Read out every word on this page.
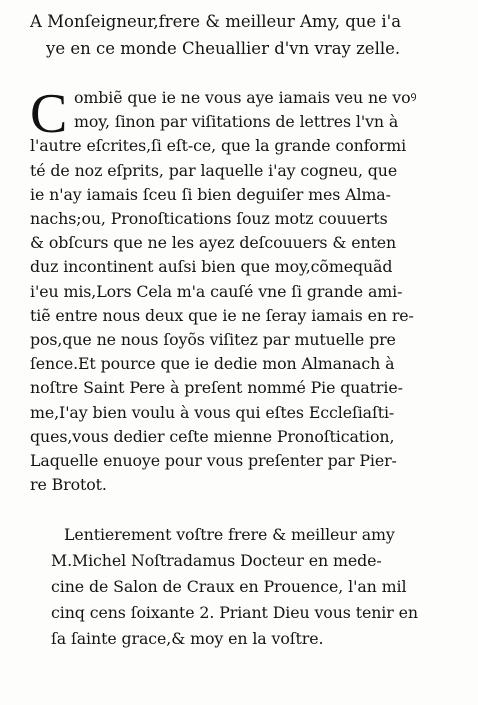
A Monſeigneur,frere & meilleur Amy, que i'a
ye en ce monde Cheuallier d'vn vray zelle.
C ombiẽ que ie ne vous aye iamais veu ne voꝰ
moy, ſinon par viſitations de lettres l'vn à
l'autre eſcrites,ſi eſt-ce, que la grande conformi
té de noz eſprits, par laquelle i'ay cogneu, que
ie n'ay iamais ſceu ſi bien deguiſer mes Alma-
nachs;ou, Pronoſtications ſouz motz couuerts
& obſcurs que ne les ayez deſcouuers & enten
duz incontinent auſsi bien que moy,cõmequãd
i'eu mis,Lors Cela m'a cauſé vne ſi grande ami-
tiẽ entre nous deux que ie ne ſeray iamais en re-
pos,que ne nous ſoyõs viſitez par mutuelle pre
ſence.Et pource que ie dedie mon Almanach à
noſtre Saint Pere à preſent nommé Pie quatrie-
me,I'ay bien voulu à vous qui eſtes Eccleſiaſti-
ques,vous dedier ceſte mienne Pronoſtication,
Laquelle enuoye pour vous preſenter par Pier-
re Brotot.
Lentierement voſtre frere & meilleur amy
M.Michel Noſtradamus Docteur en mede-
cine de Salon de Craux en Prouence, l'an mil
cinq cens ſoixante 2. Priant Dieu vous tenir en
ſa ſainte grace,& moy en la voſtre.
